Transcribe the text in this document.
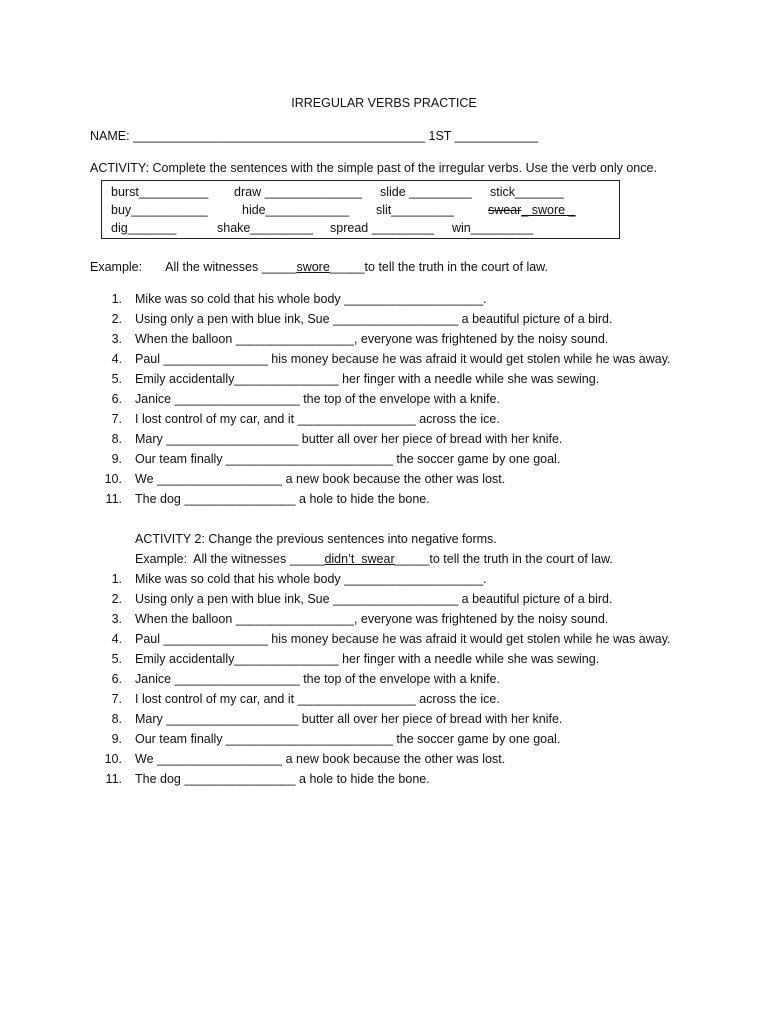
IRREGULAR VERBS PRACTICE
NAME: __________________________________________ 1ST ____________
ACTIVITY: Complete the sentences with the simple past of the irregular verbs. Use the verb only once.
burst__________ draw ______________ slide _________ stick_______
buy___________	hide____________ slit_________	swear_ swore _
dig_______	shake_________ spread _________ win_________
Example: All the witnesses _____swore_____to tell the truth in the court of law.
1. Mike was so cold that his whole body ____________________.
2. Using only a pen with blue ink, Sue __________________ a beautiful picture of a bird.
3. When the balloon _________________, everyone was frightened by the noisy sound.
4. Paul _______________ his money because he was afraid it would get stolen while he was away.
5. Emily accidentally_______________ her finger with a needle while she was sewing.
6. Janice __________________ the top of the envelope with a knife.
7. I lost control of my car, and it _________________ across the ice.
8. Mary ___________________ butter all over her piece of bread with her knife.
9. Our team finally ________________________ the soccer game by one goal.
10. We __________________ a new book because the other was lost.
11. The dog ________________ a hole to hide the bone.
ACTIVITY 2: Change the previous sentences into negative forms.
Example: All the witnesses _____didn’t  swear_____to tell the truth in the court of law.
1. Mike was so cold that his whole body ____________________.
2. Using only a pen with blue ink, Sue __________________ a beautiful picture of a bird.
3. When the balloon _________________, everyone was frightened by the noisy sound.
4. Paul _______________ his money because he was afraid it would get stolen while he was away.
5. Emily accidentally_______________ her finger with a needle while she was sewing.
6. Janice __________________ the top of the envelope with a knife.
7. I lost control of my car, and it _________________ across the ice.
8. Mary ___________________ butter all over her piece of bread with her knife.
9. Our team finally ________________________ the soccer game by one goal.
10. We __________________ a new book because the other was lost.
11. The dog ________________ a hole to hide the bone.
